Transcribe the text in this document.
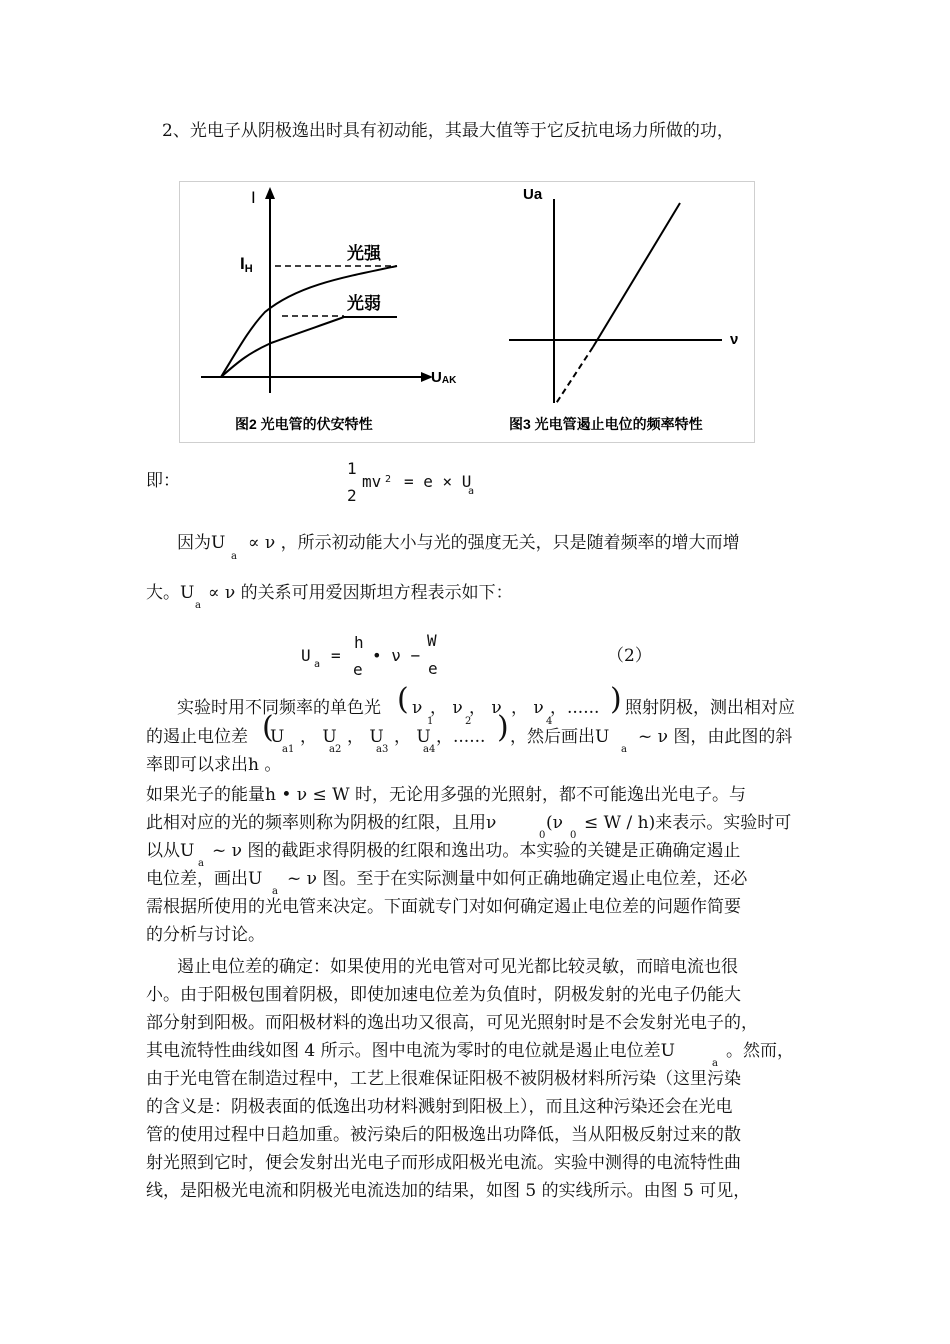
2、光电子从阴极逸出时具有初动能，其最大值等于它反抗电场力所做的功，
I
IH
光强
光弱
UAK
图2 光电管的伏安特性
Ua
ν
图3 光电管遏止电位的频率特性
即：
1
2
mv 2 = e × U
a
因为U
a
∝ ν ，所示初动能大小与光的强度无关，只是随着频率的增大而增
大。U
a
∝ ν 的关系可用爱因斯坦方程表示如下：
U a =
h
e
• ν −
W
e
（2）
实验时用不同频率的单色光 ( ν
1
， ν
2
， ν ， ν
4
，...... ) 照射阴极，测出相对应
的遏止电位差 (
U
a1
， U
a2
， U
a3
， U
a4
，...... ) ，然后画出U
a
~ ν 图，由此图的斜
率即可以求出h 。
如果光子的能量h • ν ≤ W 时，无论用多强的光照射，都不可能逸出光电子。与
此相对应的光的频率则称为阴极的红限，且用ν
0
(ν
0
≤ W / h)来表示。实验时可
以从U
a
~ ν 图的截距求得阴极的红限和逸出功。本实验的关键是正确确定遏止
电位差，画出U
a
~ ν 图。至于在实际测量中如何正确地确定遏止电位差，还必
需根据所使用的光电管来决定。下面就专门对如何确定遏止电位差的问题作简要
的分析与讨论。
遏止电位差的确定：如果使用的光电管对可见光都比较灵敏，而暗电流也很
小。由于阳极包围着阴极，即使加速电位差为负值时，阴极发射的光电子仍能大
部分射到阳极。而阳极材料的逸出功又很高，可见光照射时是不会发射光电子的，
其电流特性曲线如图 4 所示。图中电流为零时的电位就是遏止电位差U
a
。然而，
由于光电管在制造过程中，工艺上很难保证阳极不被阴极材料所污染（这里污染
的含义是：阴极表面的低逸出功材料溅射到阳极上），而且这种污染还会在光电
管的使用过程中日趋加重。被污染后的阳极逸出功降低，当从阳极反射过来的散
射光照到它时，便会发射出光电子而形成阳极光电流。实验中测得的电流特性曲
线，是阳极光电流和阴极光电流迭加的结果，如图 5 的实线所示。由图 5 可见，
